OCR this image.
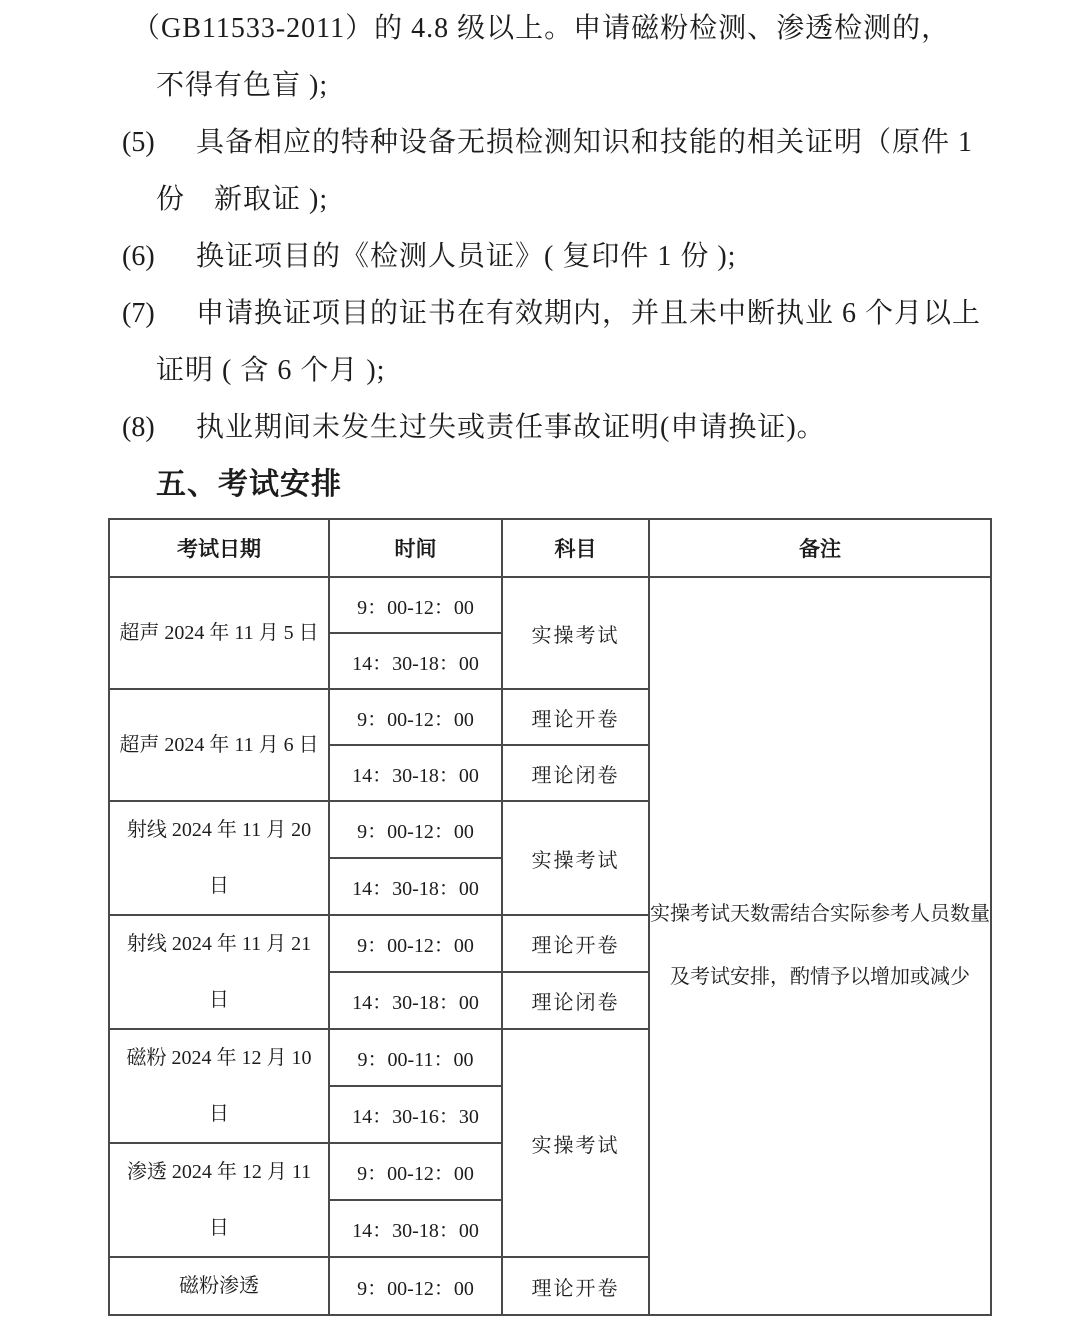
（GB11533-2011）的 4.8 级以上。申请磁粉检测、渗透检测的，
不得有色盲 );
(5) 具备相应的特种设备无损检测知识和技能的相关证明（原件 1
份　新取证 );
(6) 换证项目的《检测人员证》( 复印件 1 份 );
(7) 申请换证项目的证书在有效期内，并且未中断执业 6 个月以上
证明 ( 含 6 个月 );
(8) 执业期间未发生过失或责任事故证明(申请换证)。
五、考试安排
考试日期	时间	科目	备注

超声 2024 年 11 月 5 日	9：00-12：00	实操考试	实操考试天数需结合实际参考人员数量及考试安排，酌情予以增加或减少
	14：30-18：00		

超声 2024 年 11 月 6 日	9：00-12：00	理论开卷	
	14：30-18：00	理论闭卷	

射线 2024 年 11 月 20
日	9：00-12：00	实操考试	
	14：30-18：00		

射线 2024 年 11 月 21
日	9：00-12：00	理论开卷	
	14：30-18：00	理论闭卷	

磁粉 2024 年 12 月 10
日	9：00-11：00	实操考试	
	14：30-16：30		

渗透 2024 年 12 月 11
日	9：00-12：00		
	14：30-18：00		

磁粉渗透	9：00-12：00	理论开卷	
